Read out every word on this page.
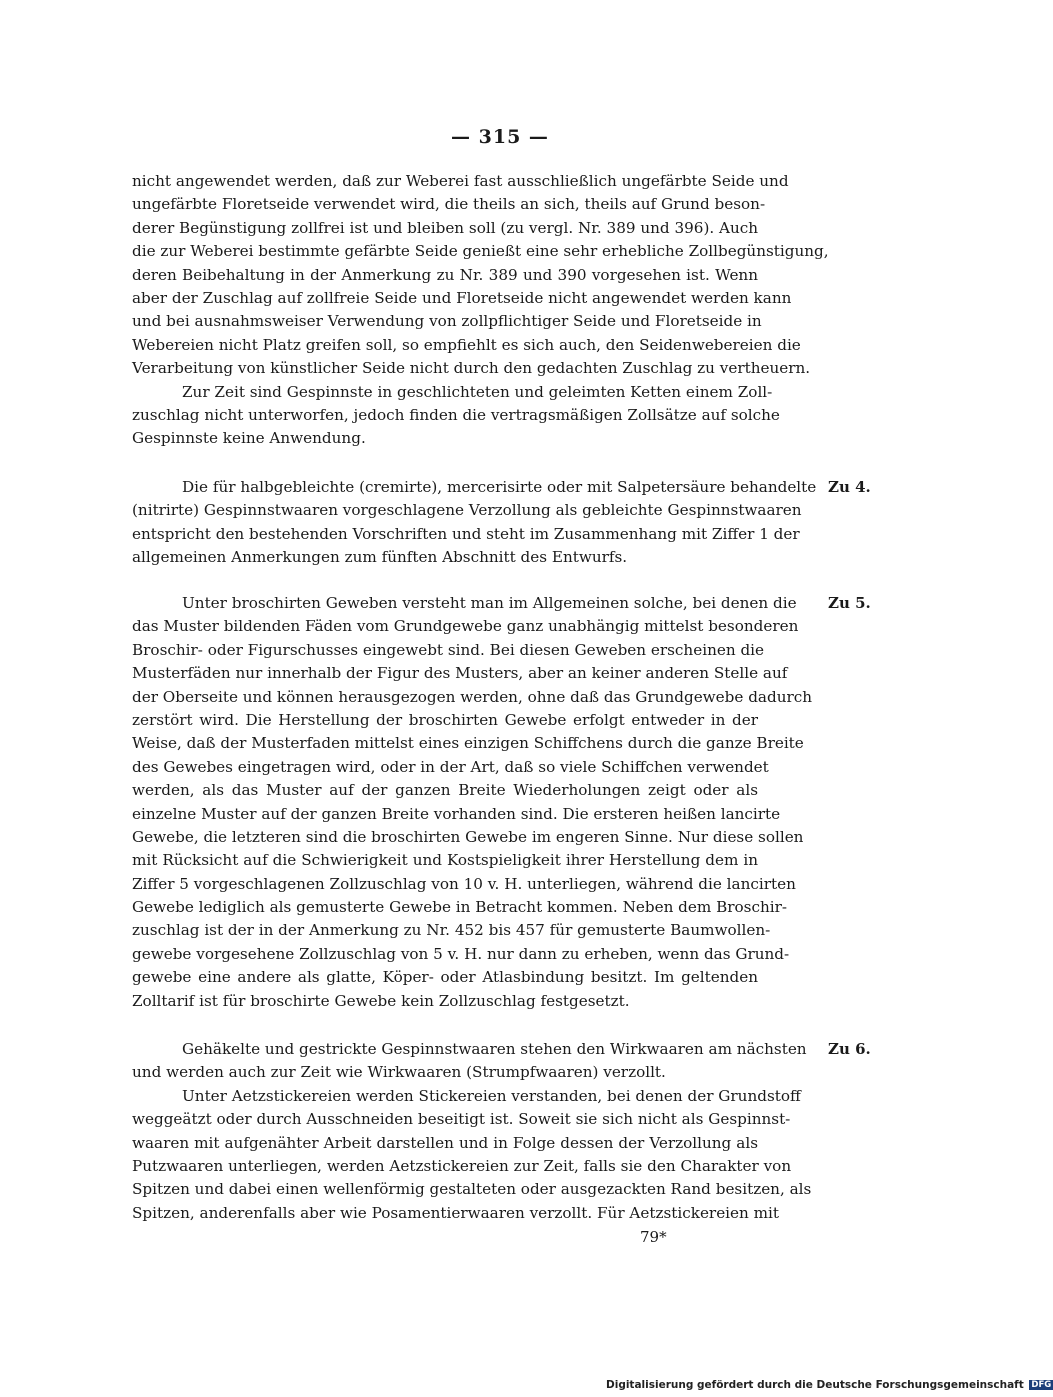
— 315 —
nicht angewendet werden, daß zur Weberei fast ausschließlich ungefärbte Seide und
ungefärbte Floretseide verwendet wird, die theils an sich, theils auf Grund beson-
derer Begünstigung zollfrei ist und bleiben soll (zu vergl. Nr. 389 und 396). Auch
die zur Weberei bestimmte gefärbte Seide genießt eine sehr erhebliche Zollbegünstigung,
deren Beibehaltung in der Anmerkung zu Nr. 389 und 390 vorgesehen ist. Wenn
aber der Zuschlag auf zollfreie Seide und Floretseide nicht angewendet werden kann
und bei ausnahmsweiser Verwendung von zollpflichtiger Seide und Floretseide in
Webereien nicht Platz greifen soll, so empfiehlt es sich auch, den Seidenwebereien die
Verarbeitung von künstlicher Seide nicht durch den gedachten Zuschlag zu vertheuern.
Zur Zeit sind Gespinnste in geschlichteten und geleimten Ketten einem Zoll-
zuschlag nicht unterworfen, jedoch finden die vertragsmäßigen Zollsätze auf solche
Gespinnste keine Anwendung.
Zu 4.
Die für halbgebleichte (cremirte), mercerisirte oder mit Salpetersäure behandelte
(nitrirte) Gespinnstwaaren vorgeschlagene Verzollung als gebleichte Gespinnstwaaren
entspricht den bestehenden Vorschriften und steht im Zusammenhang mit Ziffer 1 der
allgemeinen Anmerkungen zum fünften Abschnitt des Entwurfs.
Zu 5.
Unter broschirten Geweben versteht man im Allgemeinen solche, bei denen die
das Muster bildenden Fäden vom Grundgewebe ganz unabhängig mittelst besonderen
Broschir- oder Figurschusses eingewebt sind. Bei diesen Geweben erscheinen die
Musterfäden nur innerhalb der Figur des Musters, aber an keiner anderen Stelle auf
der Oberseite und können herausgezogen werden, ohne daß das Grundgewebe dadurch
zerstört wird. Die Herstellung der broschirten Gewebe erfolgt entweder in der
Weise, daß der Musterfaden mittelst eines einzigen Schiffchens durch die ganze Breite
des Gewebes eingetragen wird, oder in der Art, daß so viele Schiffchen verwendet
werden, als das Muster auf der ganzen Breite Wiederholungen zeigt oder als
einzelne Muster auf der ganzen Breite vorhanden sind. Die ersteren heißen lancirte
Gewebe, die letzteren sind die broschirten Gewebe im engeren Sinne. Nur diese sollen
mit Rücksicht auf die Schwierigkeit und Kostspieligkeit ihrer Herstellung dem in
Ziffer 5 vorgeschlagenen Zollzuschlag von 10 v. H. unterliegen, während die lancirten
Gewebe lediglich als gemusterte Gewebe in Betracht kommen. Neben dem Broschir-
zuschlag ist der in der Anmerkung zu Nr. 452 bis 457 für gemusterte Baumwollen-
gewebe vorgesehene Zollzuschlag von 5 v. H. nur dann zu erheben, wenn das Grund-
gewebe eine andere als glatte, Köper- oder Atlasbindung besitzt. Im geltenden
Zolltarif ist für broschirte Gewebe kein Zollzuschlag festgesetzt.
Zu 6.
Gehäkelte und gestrickte Gespinnstwaaren stehen den Wirkwaaren am nächsten
und werden auch zur Zeit wie Wirkwaaren (Strumpfwaaren) verzollt.
Unter Aetzstickereien werden Stickereien verstanden, bei denen der Grundstoff
weggeätzt oder durch Ausschneiden beseitigt ist. Soweit sie sich nicht als Gespinnst-
waaren mit aufgenähter Arbeit darstellen und in Folge dessen der Verzollung als
Putzwaaren unterliegen, werden Aetzstickereien zur Zeit, falls sie den Charakter von
Spitzen und dabei einen wellenförmig gestalteten oder ausgezackten Rand besitzen, als
Spitzen, anderenfalls aber wie Posamentierwaaren verzollt. Für Aetzstickereien mit
79*
Digitalisierung gefördert durch die Deutsche Forschungsgemeinschaft DFG
